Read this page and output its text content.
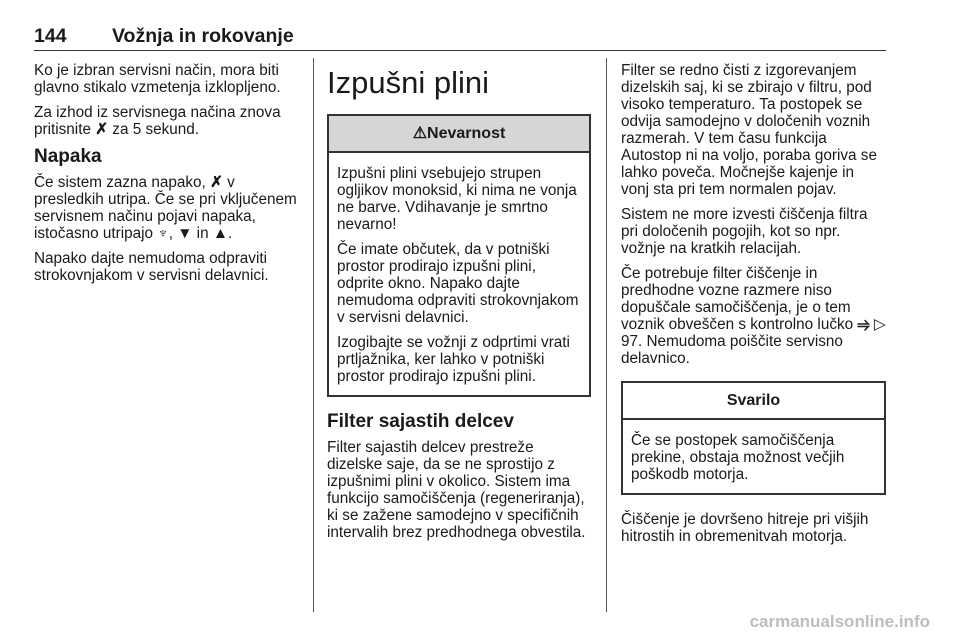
144 Vožnja in rokovanje

Ko je izbran servisni način, mora biti glavno stikalo vzmetenja izklopljeno.

Za izhod iz servisnega načina znova pritisnite ✗ za 5 sekund.

Napaka

Če sistem zazna napako, ✗ v presledkih utripa. Če se pri vključenem servisnem načinu pojavi napaka, istočasno utripajo ♆, ▼ in ▲.

Napako dajte nemudoma odpraviti strokovnjakom v servisni delavnici.

Izpušni plini
⚠Nevarnost

Izpušni plini vsebujejo strupen ogljikov monoksid, ki nima ne vonja ne barve. Vdihavanje je smrtno nevarno!

Če imate občutek, da v potniški prostor prodirajo izpušni plini, odprite okno. Napako dajte nemudoma odpraviti strokovnjakom v servisni delavnici.

Izogibajte se vožnji z odprtimi vrati prtljažnika, ker lahko v potniški prostor prodirajo izpušni plini.

Filter sajastih delcev

Filter sajastih delcev prestreže dizelske saje, da se ne sprostijo z izpušnimi plini v okolico. Sistem ima funkcijo samočiščenja (regeneriranja), ki se zažene samodejno v specifičnih intervalih brez predhodnega obvestila.

Filter se redno čisti z izgorevanjem dizelskih saj, ki se zbirajo v filtru, pod visoko temperaturo. Ta postopek se odvija samodejno v določenih voznih razmerah. V tem času funkcija Autostop ni na voljo, poraba goriva se lahko poveča. Močnejše kajenje in vonj sta pri tem normalen pojav.

Sistem ne more izvesti čiščenja filtra pri določenih pogojih, kot so npr. vožnje na kratkih relacijah.

Če potrebuje filter čiščenje in predhodne vozne razmere niso dopuščale samočiščenja, je o tem voznik obveščen s kontrolno lučko ⥤ ▷ 97. Nemudoma poiščite servisno delavnico.

Svarilo

Če se postopek samočiščenja prekine, obstaja možnost večjih poškodb motorja.

Čiščenje je dovršeno hitreje pri višjih hitrostih in obremenitvah motorja.

carmanualsonline.info
